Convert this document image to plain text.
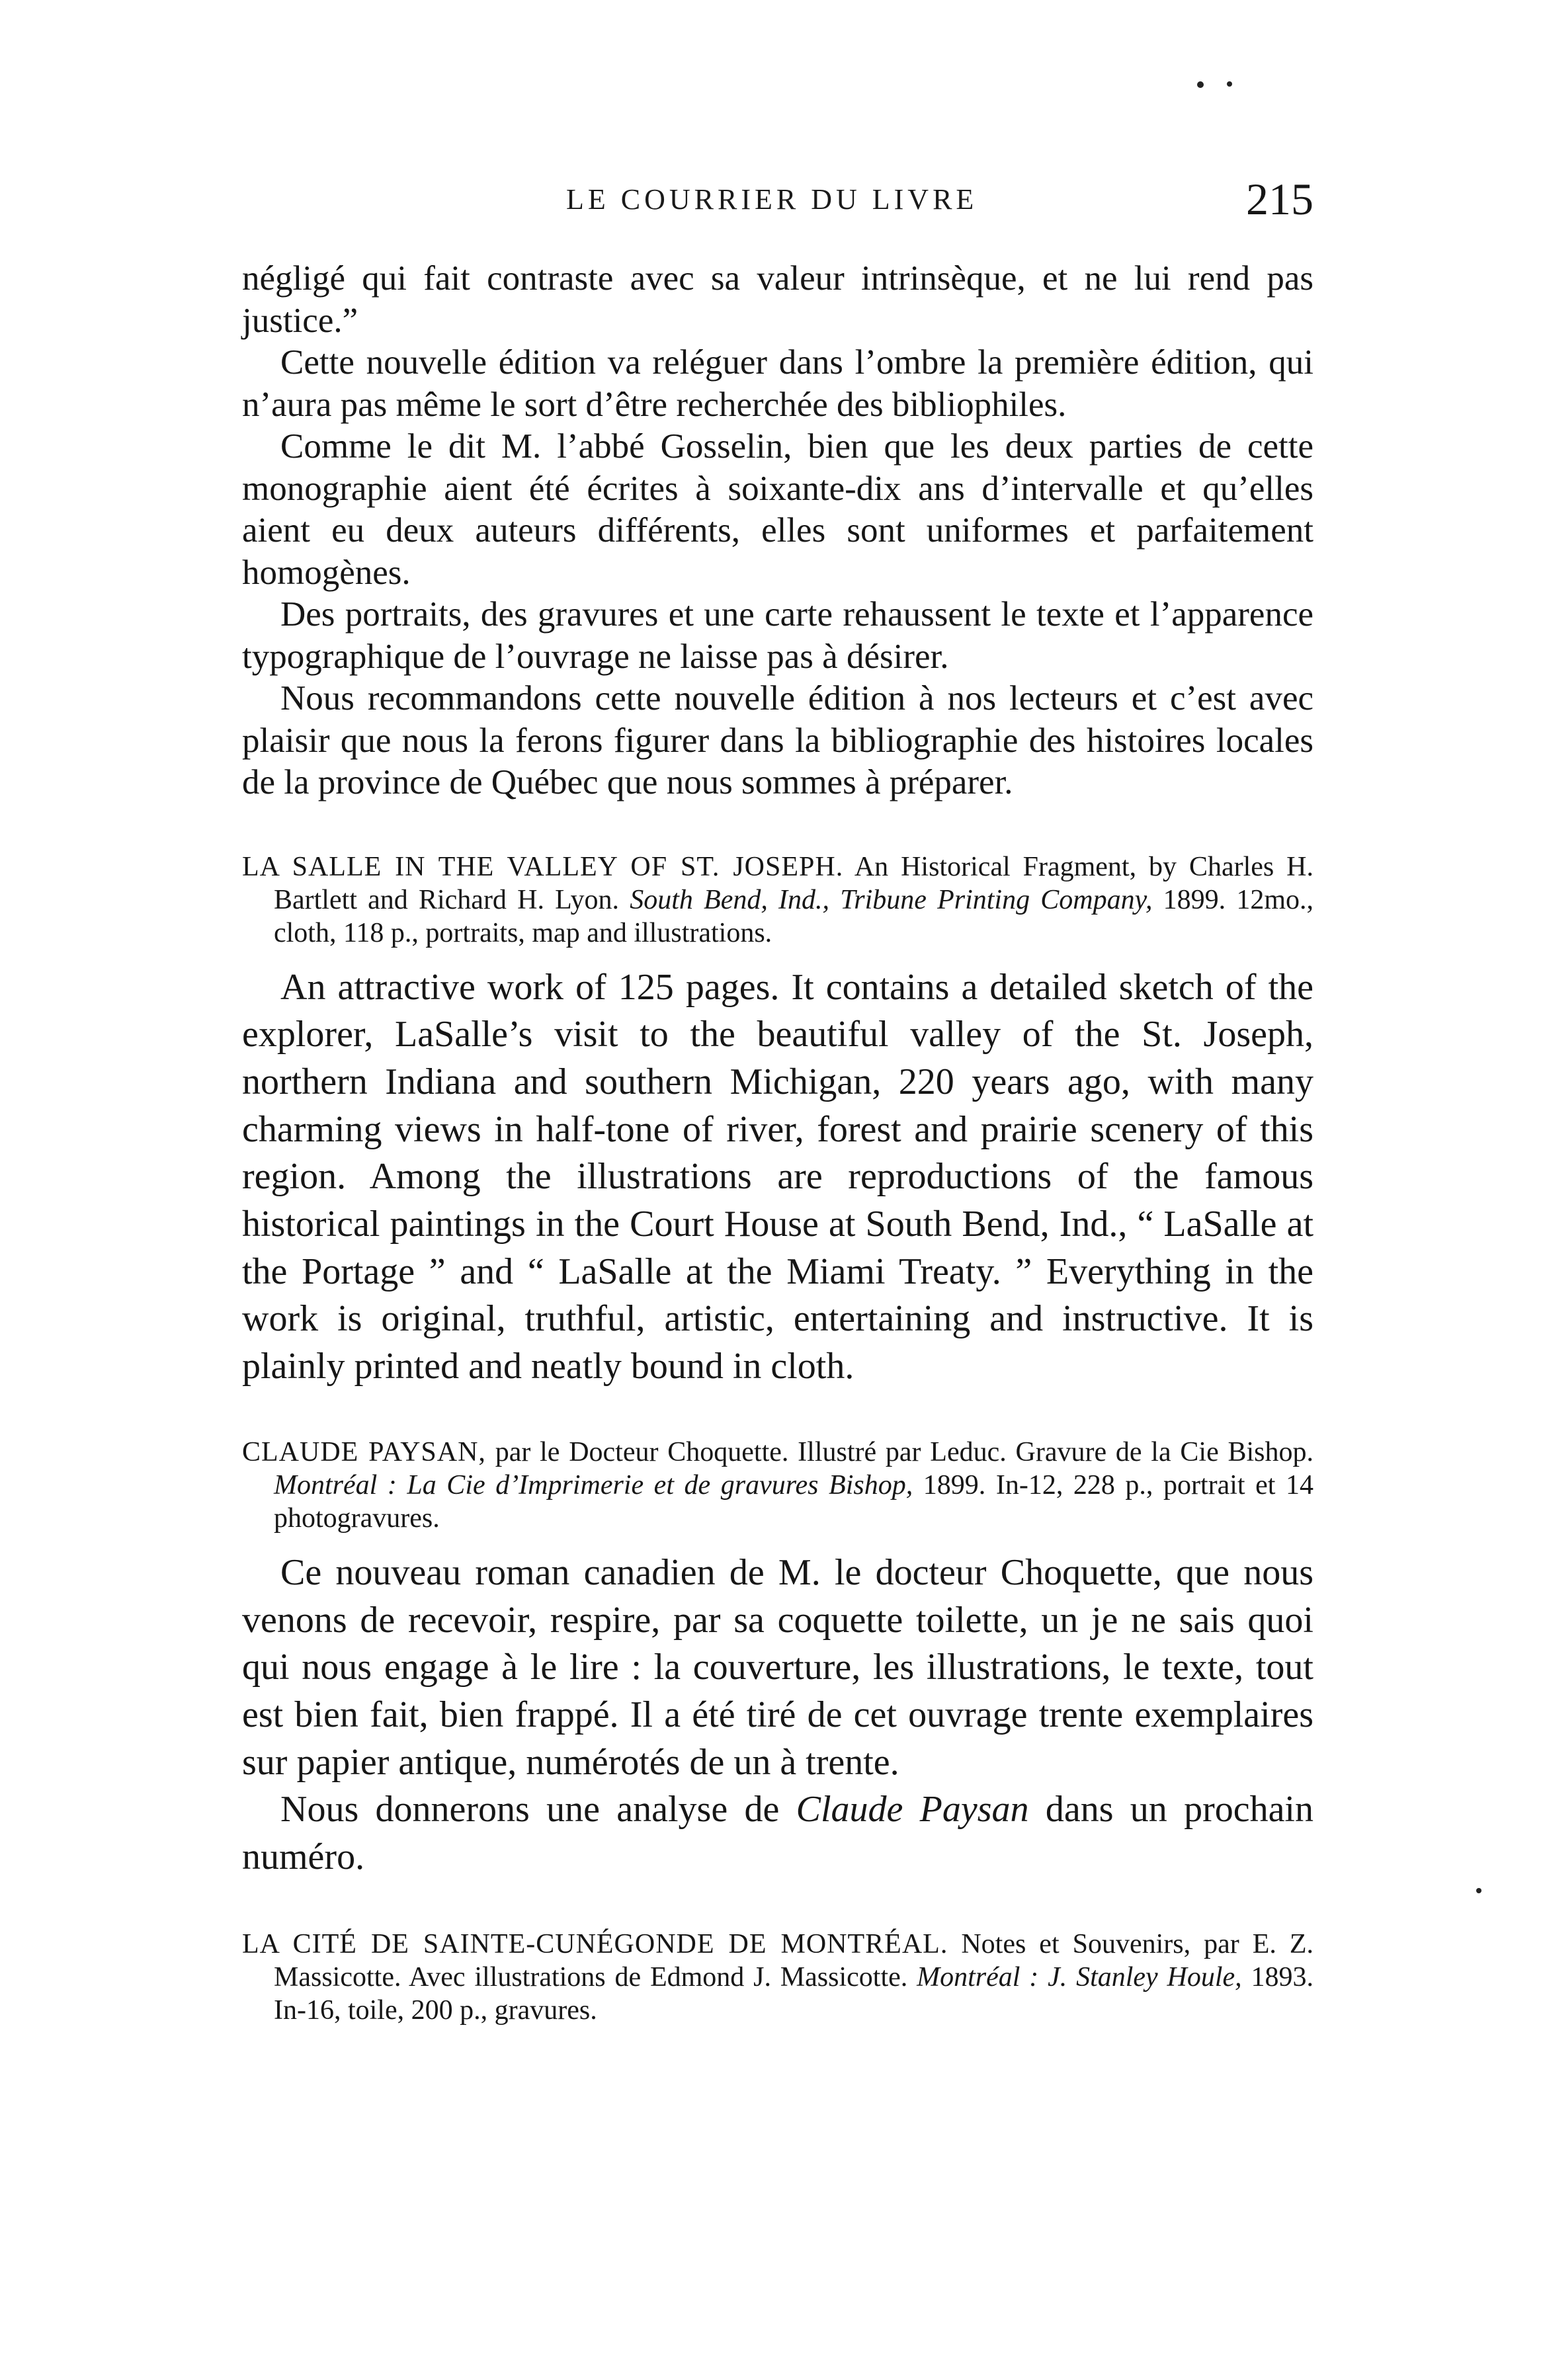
LE COURRIER DU LIVRE	215

négligé qui fait contraste avec sa valeur intrinsèque, et ne lui rend pas justice.”

Cette nouvelle édition va reléguer dans l’ombre la première édition, qui n’aura pas même le sort d’être recherchée des bibliophiles.

Comme le dit M. l’abbé Gosselin, bien que les deux parties de cette monographie aient été écrites à soixante-dix ans d’intervalle et qu’elles aient eu deux auteurs différents, elles sont uniformes et parfaitement homogènes.

Des portraits, des gravures et une carte rehaussent le texte et l’apparence typographique de l’ouvrage ne laisse pas à désirer.

Nous recommandons cette nouvelle édition à nos lecteurs et c’est avec plaisir que nous la ferons figurer dans la bibliographie des histoires locales de la province de Québec que nous sommes à préparer.

LA SALLE IN THE VALLEY OF ST. JOSEPH. An Historical Fragment, by Charles H. Bartlett and Richard H. Lyon. South Bend, Ind., Tribune Printing Company, 1899. 12mo., cloth, 118 p., portraits, map and illustrations.

An attractive work of 125 pages. It contains a detailed sketch of the explorer, LaSalle’s visit to the beautiful valley of the St. Joseph, northern Indiana and southern Michigan, 220 years ago, with many charming views in half-tone of river, forest and prairie scenery of this region. Among the illustrations are reproductions of the famous historical paintings in the Court House at South Bend, Ind., “ LaSalle at the Portage ” and “ LaSalle at the Miami Treaty. ” Everything in the work is original, truthful, artistic, entertaining and instructive. It is plainly printed and neatly bound in cloth.

CLAUDE PAYSAN, par le Docteur Choquette. Illustré par Leduc. Gravure de la Cie Bishop. Montréal : La Cie d’Imprimerie et de gravures Bishop, 1899. In-12, 228 p., portrait et 14 photogravures.

Ce nouveau roman canadien de M. le docteur Choquette, que nous venons de recevoir, respire, par sa coquette toilette, un je ne sais quoi qui nous engage à le lire : la couverture, les illustrations, le texte, tout est bien fait, bien frappé. Il a été tiré de cet ouvrage trente exemplaires sur papier antique, numérotés de un à trente.

Nous donnerons une analyse de Claude Paysan dans un prochain numéro.

LA CITÉ DE SAINTE-CUNÉGONDE DE MONTRÉAL. Notes et Souvenirs, par E. Z. Massicotte. Avec illustrations de Edmond J. Massicotte. Montréal : J. Stanley Houle, 1893. In-16, toile, 200 p., gravures.
